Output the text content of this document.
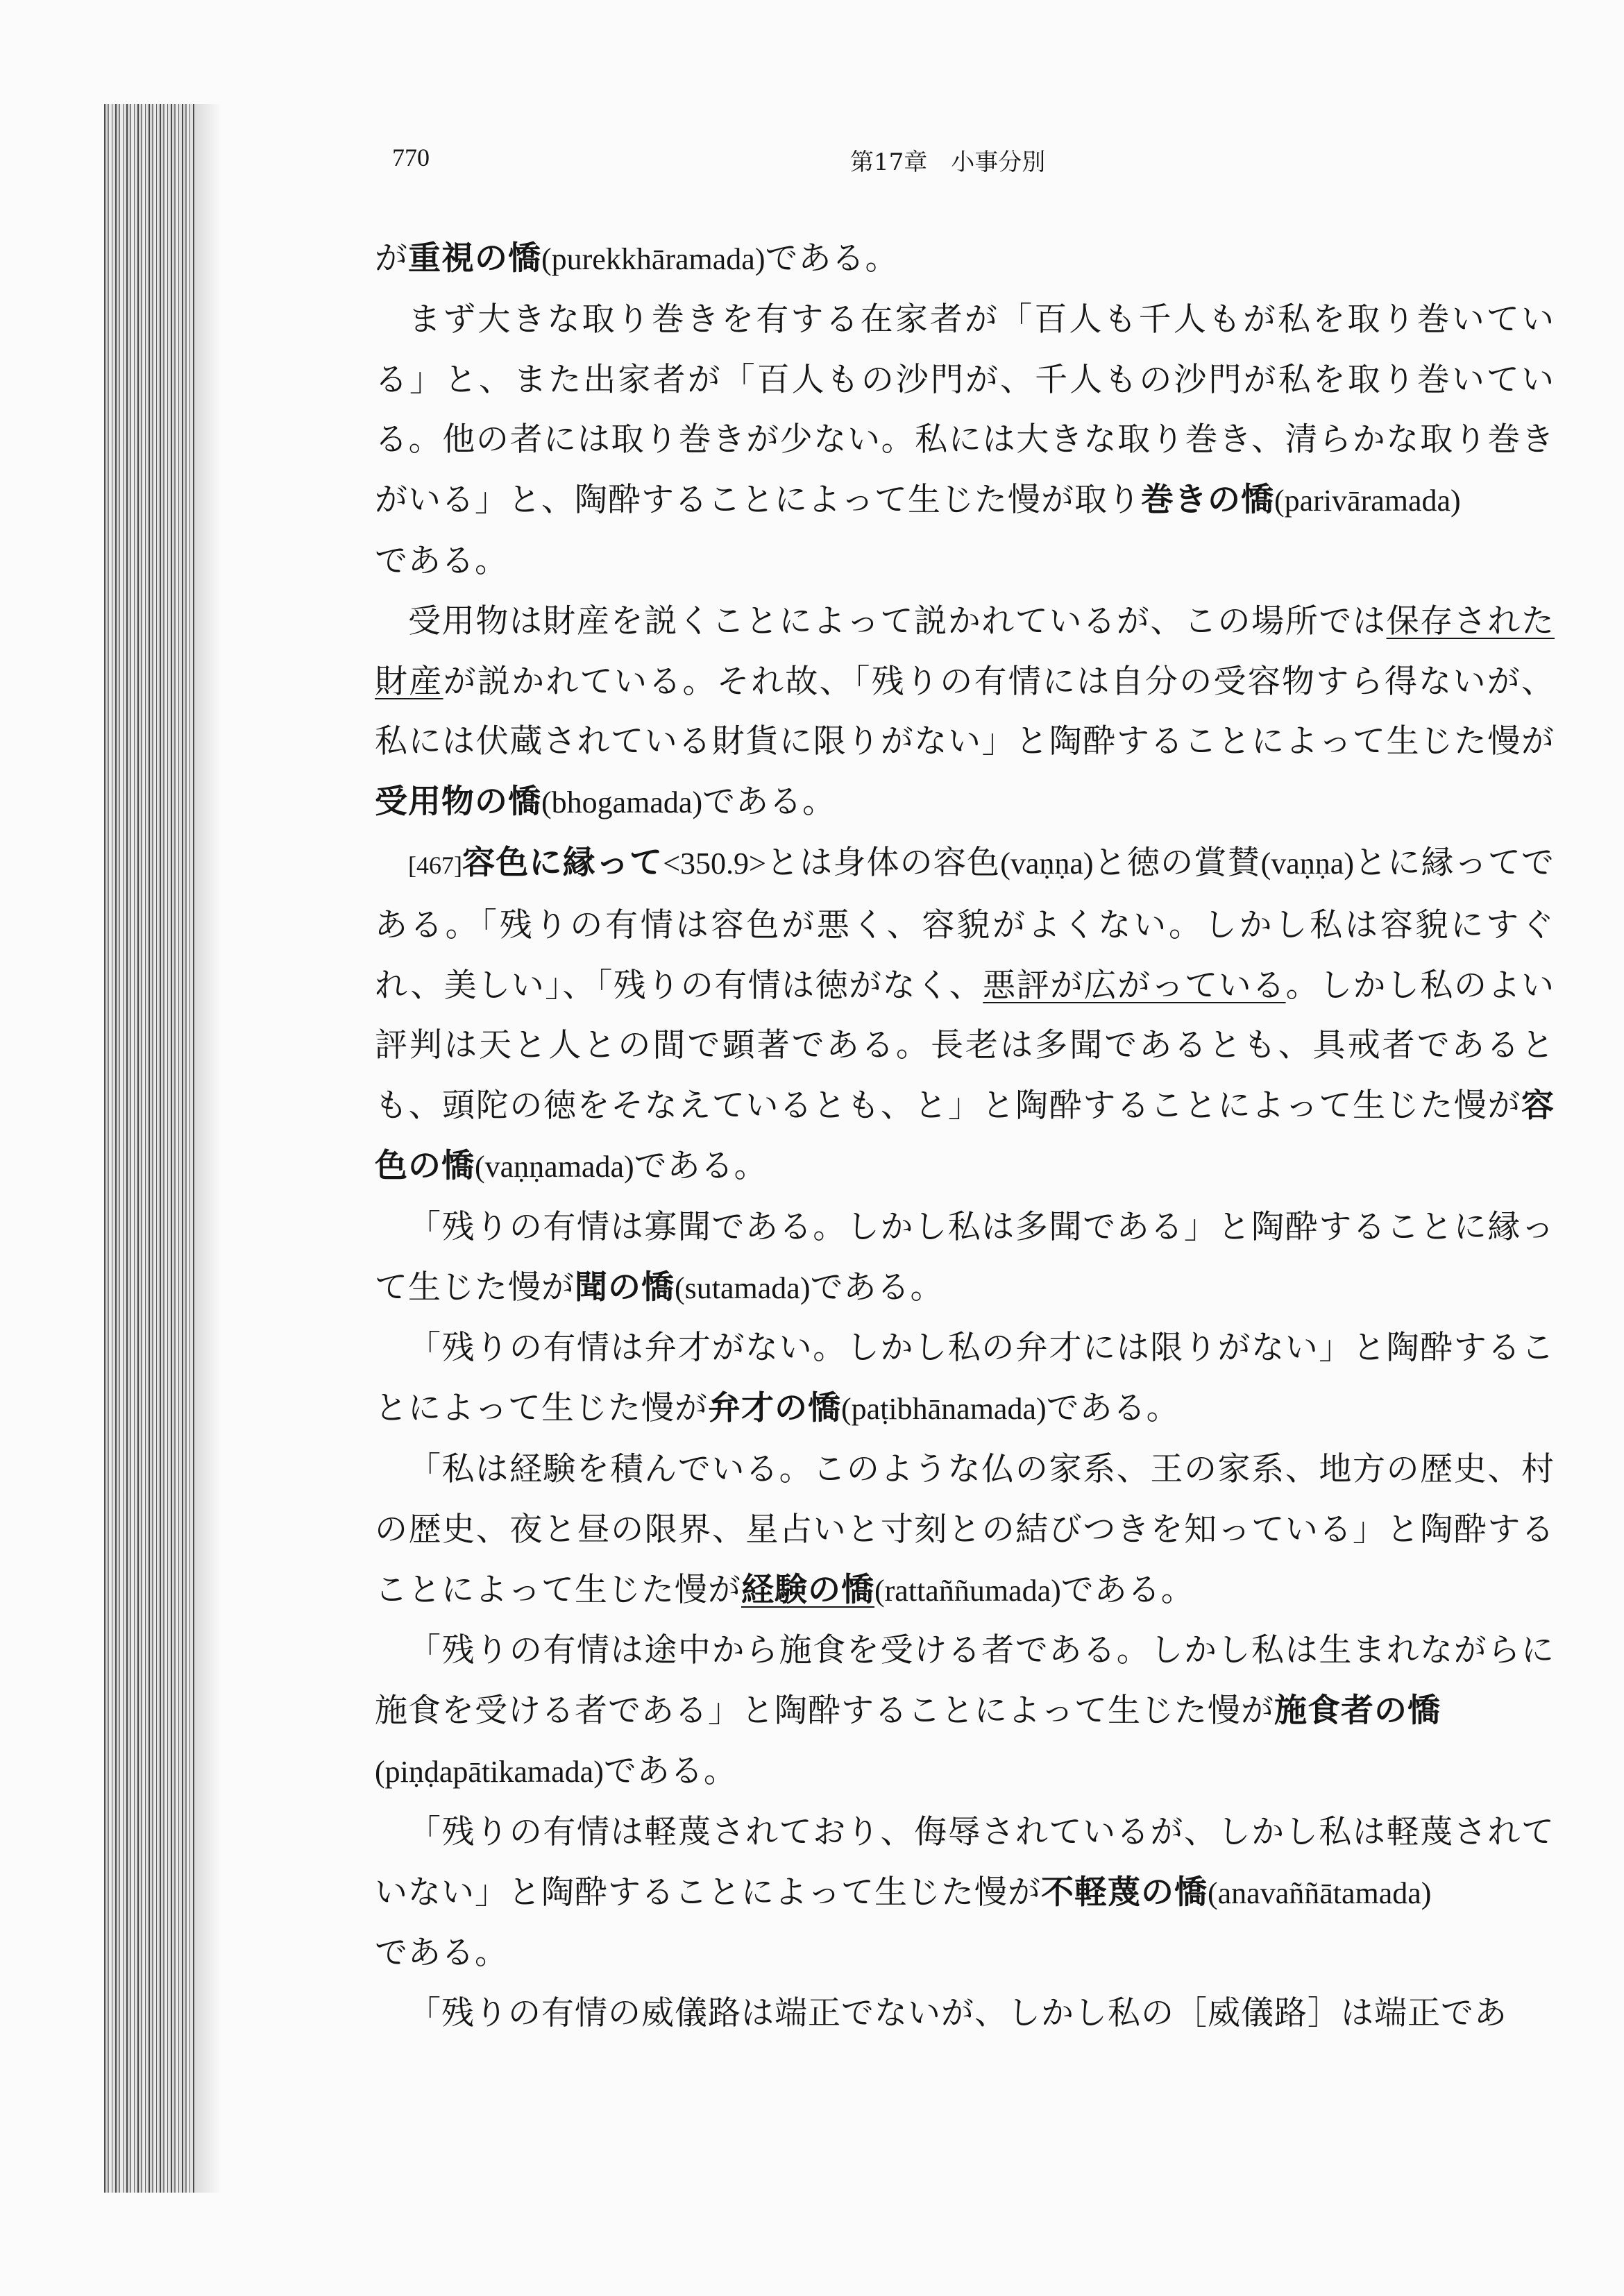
770	第17章　小事分別

が重視の憍(purekkhāramada)である。

まず大きな取り巻きを有する在家者が「百人も千人もが私を取り巻いている」と、また出家者が「百人もの沙門が、千人もの沙門が私を取り巻いている。他の者には取り巻きが少ない。私には大きな取り巻き、清らかな取り巻きがいる」と、陶酔することによって生じた慢が取り巻きの憍(parivāramada)
である。

受用物は財産を説くことによって説かれているが、この場所では保存された財産が説かれている。それ故、「残りの有情には自分の受容物すら得ないが、私には伏蔵されている財貨に限りがない」と陶酔することによって生じた慢が受用物の憍(bhogamada)である。

[467]容色に縁って<350.9>とは身体の容色(vaṇṇa)と徳の賞賛(vaṇṇa)とに縁ってである。「残りの有情は容色が悪く、容貌がよくない。しかし私は容貌にすぐれ、美しい」、「残りの有情は徳がなく、悪評が広がっている。しかし私のよい評判は天と人との間で顕著である。長老は多聞であるとも、具戒者であるとも、頭陀の徳をそなえているとも、と」と陶酔することによって生じた慢が容色の憍(vaṇṇamada)である。

「残りの有情は寡聞である。しかし私は多聞である」と陶酔することに縁って生じた慢が聞の憍(sutamada)である。

「残りの有情は弁才がない。しかし私の弁才には限りがない」と陶酔することによって生じた慢が弁才の憍(paṭibhānamada)である。

「私は経験を積んでいる。このような仏の家系、王の家系、地方の歴史、村の歴史、夜と昼の限界、星占いと寸刻との結びつきを知っている」と陶酔することによって生じた慢が経験の憍(rattaññumada)である。

「残りの有情は途中から施食を受ける者である。しかし私は生まれながらに施食を受ける者である」と陶酔することによって生じた慢が施食者の憍
(piṇḍapātikamada)である。

「残りの有情は軽蔑されており、侮辱されているが、しかし私は軽蔑されていない」と陶酔することによって生じた慢が不軽蔑の憍(anavaññātamada)
である。

「残りの有情の威儀路は端正でないが、しかし私の［威儀路］は端正であ
